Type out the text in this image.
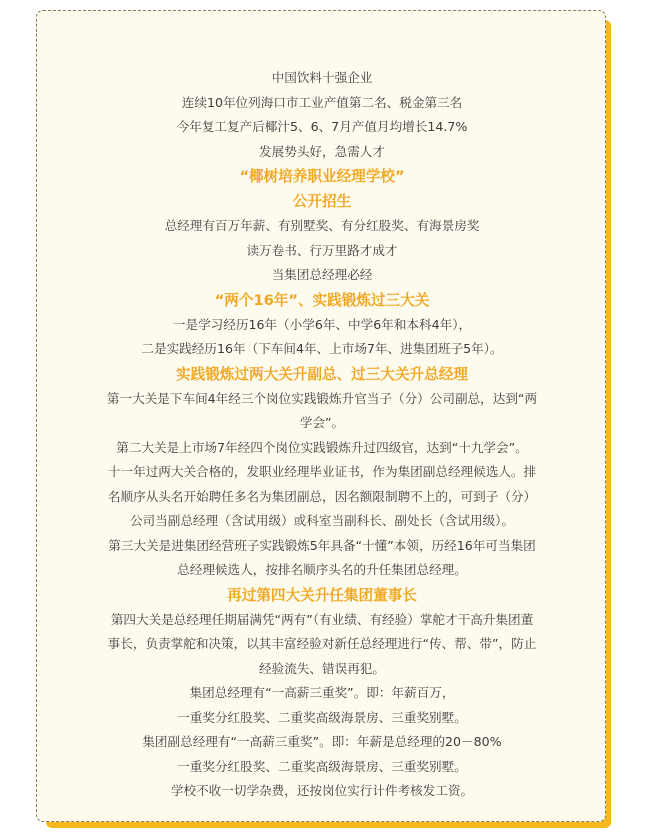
中国饮料十强企业

连续10年位列海口市工业产值第二名、税金第三名

今年复工复产后椰汁5、6、7月产值月均增长14.7%

发展势头好，急需人才

“椰树培养职业经理学校”

公开招生

总经理有百万年薪、有别墅奖、有分红股奖、有海景房奖

读万卷书、行万里路才成才

当集团总经理必经

“两个16年”、实践锻炼过三大关

一是学习经历16年（小学6年、中学6年和本科4年），

二是实践经历16年（下车间4年、上市场7年、进集团班子5年）。

实践锻炼过两大关升副总、过三大关升总经理

第一大关是下车间4年经三个岗位实践锻炼升官当子（分）公司副总，达到“两

学会”。

第二大关是上市场7年经四个岗位实践锻炼升过四级官，达到“十九学会”。

十一年过两大关合格的，发职业经理毕业证书，作为集团副总经理候选人。排

名顺序从头名开始聘任多名为集团副总，因名额限制聘不上的，可到子（分）

公司当副总经理（含试用级）或科室当副科长、副处长（含试用级）。

第三大关是进集团经营班子实践锻炼5年具备“十懂”本领，历经16年可当集团

总经理候选人，按排名顺序头名的升任集团总经理。

再过第四大关升任集团董事长

第四大关是总经理任期届满凭“两有”（有业绩、有经验）掌舵才干高升集团董

事长，负责掌舵和决策，以其丰富经验对新任总经理进行“传、帮、带”，防止

经验流失、错误再犯。

集团总经理有“一高薪三重奖”。即：年薪百万，

一重奖分红股奖、二重奖高级海景房、三重奖别墅。

集团副总经理有“一高薪三重奖”。即：年薪是总经理的20－80%

一重奖分红股奖、二重奖高级海景房、三重奖别墅。

学校不收一切学杂费，还按岗位实行计件考核发工资。
